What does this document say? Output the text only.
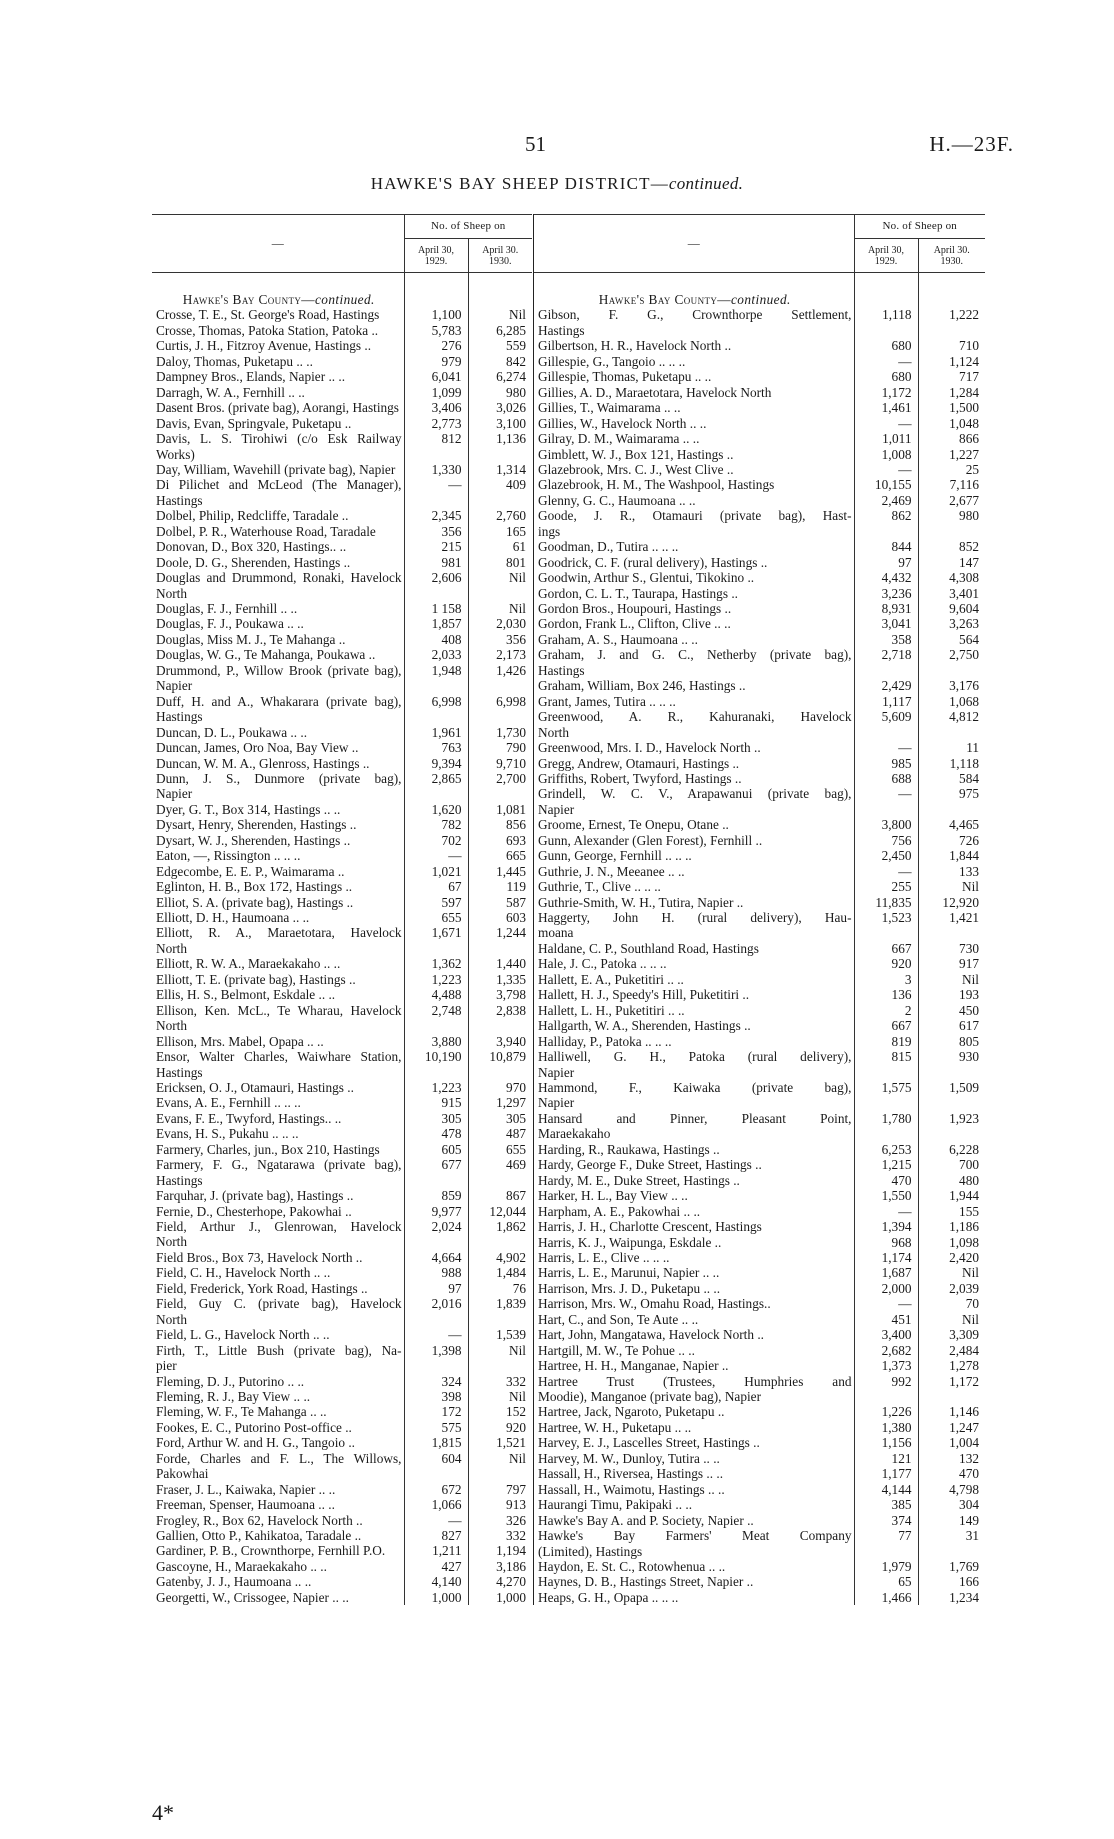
51	H.—23F.
HAWKE'S BAY SHEEP DISTRICT—continued.
—	No. of Sheep on	
	April 30,
1929.	April 30.
1930.

Hawke's Bay County—continued.		

Crosse, T. E., St. George's Road, Hastings	1,100	Nil

Crosse, Thomas, Patoka Station, Patoka ..	5,783	6,285

Curtis, J. H., Fitzroy Avenue, Hastings ..	276	559

Daloy, Thomas, Puketapu .. ..	979	842

Dampney Bros., Elands, Napier .. ..	6,041	6,274

Darragh, W. A., Fernhill .. ..	1,099	980

Dasent Bros. (private bag), Aorangi, Hastings	3,406	3,026

Davis, Evan, Springvale, Puketapu ..	2,773	3,100

Davis, L. S. Tirohiwi (c/o Esk Railway
Works)	812	1,136

Day, William, Wavehill (private bag), Napier	1,330	1,314

Di Pilichet and McLeod (The Manager),
Hastings	—	409

Dolbel, Philip, Redcliffe, Taradale ..	2,345	2,760

Dolbel, P. R., Waterhouse Road, Taradale	356	165

Donovan, D., Box 320, Hastings.. ..	215	61

Doole, D. G., Sherenden, Hastings ..	981	801

Douglas and Drummond, Ronaki, Havelock
North	2,606	Nil

Douglas, F. J., Fernhill .. ..	1 158	Nil

Douglas, F. J., Poukawa .. ..	1,857	2,030

Douglas, Miss M. J., Te Mahanga ..	408	356

Douglas, W. G., Te Mahanga, Poukawa ..	2,033	2,173

Drummond, P., Willow Brook (private bag),
Napier	1,948	1,426

Duff, H. and A., Whakarara (private bag),
Hastings	6,998	6,998

Duncan, D. L., Poukawa .. ..	1,961	1,730

Duncan, James, Oro Noa, Bay View ..	763	790

Duncan, W. M. A., Glenross, Hastings ..	9,394	9,710

Dunn, J. S., Dunmore (private bag),
Napier	2,865	2,700

Dyer, G. T., Box 314, Hastings .. ..	1,620	1,081

Dysart, Henry, Sherenden, Hastings ..	782	856

Dysart, W. J., Sherenden, Hastings ..	702	693

Eaton, —, Rissington .. .. ..	—	665

Edgecombe, E. E. P., Waimarama ..	1,021	1,445

Eglinton, H. B., Box 172, Hastings ..	67	119

Elliot, S. A. (private bag), Hastings ..	597	587

Elliott, D. H., Haumoana .. ..	655	603

Elliott, R. A., Maraetotara, Havelock
North	1,671	1,244

Elliott, R. W. A., Maraekakaho .. ..	1,362	1,440

Elliott, T. E. (private bag), Hastings ..	1,223	1,335

Ellis, H. S., Belmont, Eskdale .. ..	4,488	3,798

Ellison, Ken. McL., Te Wharau, Havelock
North	2,748	2,838

Ellison, Mrs. Mabel, Opapa .. ..	3,880	3,940

Ensor, Walter Charles, Waiwhare Station,
Hastings	10,190	10,879

Ericksen, O. J., Otamauri, Hastings ..	1,223	970

Evans, A. E., Fernhill .. .. ..	915	1,297

Evans, F. E., Twyford, Hastings.. ..	305	305

Evans, H. S., Pukahu .. .. ..	478	487

Farmery, Charles, jun., Box 210, Hastings	605	655

Farmery, F. G., Ngatarawa (private bag),
Hastings	677	469

Farquhar, J. (private bag), Hastings ..	859	867

Fernie, D., Chesterhope, Pakowhai ..	9,977	12,044

Field, Arthur J., Glenrowan, Havelock
North	2,024	1,862

Field Bros., Box 73, Havelock North ..	4,664	4,902

Field, C. H., Havelock North .. ..	988	1,484

Field, Frederick, York Road, Hastings ..	97	76

Field, Guy C. (private bag), Havelock
North	2,016	1,839

Field, L. G., Havelock North .. ..	—	1,539

Firth, T., Little Bush (private bag), Na-
pier	1,398	Nil

Fleming, D. J., Putorino .. ..	324	332

Fleming, R. J., Bay View .. ..	398	Nil

Fleming, W. F., Te Mahanga .. ..	172	152

Fookes, E. C., Putorino Post-office ..	575	920

Ford, Arthur W. and H. G., Tangoio ..	1,815	1,521

Forde, Charles and F. L., The Willows,
Pakowhai	604	Nil

Fraser, J. L., Kaiwaka, Napier .. ..	672	797

Freeman, Spenser, Haumoana .. ..	1,066	913

Frogley, R., Box 62, Havelock North ..	—	326

Gallien, Otto P., Kahikatoa, Taradale ..	827	332

Gardiner, P. B., Crownthorpe, Fernhill P.O.	1,211	1,194

Gascoyne, H., Maraekakaho .. ..	427	3,186

Gatenby, J. J., Haumoana .. ..	4,140	4,270

Georgetti, W., Crissogee, Napier .. ..	1,000	1,000
—	No. of Sheep on	
	April 30,
1929.	April 30.
1930.

Hawke's Bay County—continued.		

Gibson, F. G., Crownthorpe Settlement,
Hastings	1,118	1,222

Gilbertson, H. R., Havelock North ..	680	710

Gillespie, G., Tangoio .. .. ..	—	1,124

Gillespie, Thomas, Puketapu .. ..	680	717

Gillies, A. D., Maraetotara, Havelock North	1,172	1,284

Gillies, T., Waimarama .. ..	1,461	1,500

Gillies, W., Havelock North .. ..	—	1,048

Gilray, D. M., Waimarama .. ..	1,011	866

Gimblett, W. J., Box 121, Hastings ..	1,008	1,227

Glazebrook, Mrs. C. J., West Clive ..	—	25

Glazebrook, H. M., The Washpool, Hastings	10,155	7,116

Glenny, G. C., Haumoana .. ..	2,469	2,677

Goode, J. R., Otamauri (private bag), Hast-
ings	862	980

Goodman, D., Tutira .. .. ..	844	852

Goodrick, C. F. (rural delivery), Hastings ..	97	147

Goodwin, Arthur S., Glentui, Tikokino ..	4,432	4,308

Gordon, C. L. T., Taurapa, Hastings ..	3,236	3,401

Gordon Bros., Houpouri, Hastings ..	8,931	9,604

Gordon, Frank L., Clifton, Clive .. ..	3,041	3,263

Graham, A. S., Haumoana .. ..	358	564

Graham, J. and G. C., Netherby (private bag),
Hastings	2,718	2,750

Graham, William, Box 246, Hastings ..	2,429	3,176

Grant, James, Tutira .. .. ..	1,117	1,068

Greenwood, A. R., Kahuranaki, Havelock
North	5,609	4,812

Greenwood, Mrs. I. D., Havelock North ..	—	11

Gregg, Andrew, Otamauri, Hastings ..	985	1,118

Griffiths, Robert, Twyford, Hastings ..	688	584

Grindell, W. C. V., Arapawanui (private bag),
Napier	—	975

Groome, Ernest, Te Onepu, Otane ..	3,800	4,465

Gunn, Alexander (Glen Forest), Fernhill ..	756	726

Gunn, George, Fernhill .. .. ..	2,450	1,844

Guthrie, J. N., Meeanee .. ..	—	133

Guthrie, T., Clive .. .. ..	255	Nil

Guthrie-Smith, W. H., Tutira, Napier ..	11,835	12,920

Haggerty, John H. (rural delivery), Hau-
moana	1,523	1,421

Haldane, C. P., Southland Road, Hastings	667	730

Hale, J. C., Patoka .. .. ..	920	917

Hallett, E. A., Puketitiri .. ..	3	Nil

Hallett, H. J., Speedy's Hill, Puketitiri ..	136	193

Hallett, L. H., Puketitiri .. ..	2	450

Hallgarth, W. A., Sherenden, Hastings ..	667	617

Halliday, P., Patoka .. .. ..	819	805

Halliwell, G. H., Patoka (rural delivery),
Napier	815	930

Hammond, F., Kaiwaka (private bag),
Napier	1,575	1,509

Hansard and Pinner, Pleasant Point,
Maraekakaho	1,780	1,923

Harding, R., Raukawa, Hastings ..	6,253	6,228

Hardy, George F., Duke Street, Hastings ..	1,215	700

Hardy, M. E., Duke Street, Hastings ..	470	480

Harker, H. L., Bay View .. ..	1,550	1,944

Harpham, A. E., Pakowhai .. ..	—	155

Harris, J. H., Charlotte Crescent, Hastings	1,394	1,186

Harris, K. J., Waipunga, Eskdale ..	968	1,098

Harris, L. E., Clive .. .. ..	1,174	2,420

Harris, L. E., Marunui, Napier .. ..	1,687	Nil

Harrison, Mrs. J. D., Puketapu .. ..	2,000	2,039

Harrison, Mrs. W., Omahu Road, Hastings..	—	70

Hart, C., and Son, Te Aute .. ..	451	Nil

Hart, John, Mangatawa, Havelock North ..	3,400	3,309

Hartgill, M. W., Te Pohue .. ..	2,682	2,484

Hartree, H. H., Manganae, Napier ..	1,373	1,278

Hartree Trust (Trustees, Humphries and
Moodie), Manganoe (private bag), Napier	992	1,172

Hartree, Jack, Ngaroto, Puketapu ..	1,226	1,146

Hartree, W. H., Puketapu .. ..	1,380	1,247

Harvey, E. J., Lascelles Street, Hastings ..	1,156	1,004

Harvey, M. W., Dunloy, Tutira .. ..	121	132

Hassall, H., Riversea, Hastings .. ..	1,177	470

Hassall, H., Waimotu, Hastings .. ..	4,144	4,798

Haurangi Timu, Pakipaki .. ..	385	304

Hawke's Bay A. and P. Society, Napier ..	374	149

Hawke's Bay Farmers' Meat Company
(Limited), Hastings	77	31

Haydon, E. St. C., Rotowhenua .. ..	1,979	1,769

Haynes, D. B., Hastings Street, Napier ..	65	166

Heaps, G. H., Opapa .. .. ..	1,466	1,234
4*
